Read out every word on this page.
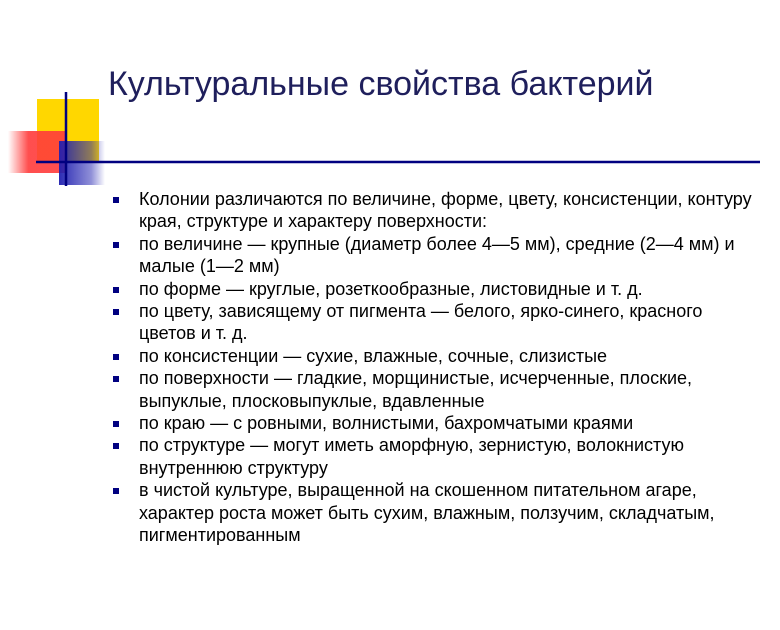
Культуральные свойства бактерий
Колонии различаются по величине, форме, цвету, консистенции, контуру края, структуре и характеру поверхности:
по величине — крупные (диаметр более 4—5 мм), средние (2—4 мм) и малые (1—2 мм)
по форме — круглые, розеткообразные, листовидные и т. д.
по цвету, зависящему от пигмента — белого, ярко-синего, красного цветов и т. д.
по консистенции — сухие, влажные, сочные, слизистые
по поверхности — гладкие, морщинистые, исчерченные, плоские, выпуклые, плосковыпуклые, вдавленные
по краю — с ровными, волнистыми, бахромчатыми краями
по структуре — могут иметь аморфную, зернистую, волокнистую внутреннюю структуру
в чистой культуре, выращенной на скошенном питательном агаре, характер роста может быть сухим, влажным, ползучим, складчатым, пигментированным
